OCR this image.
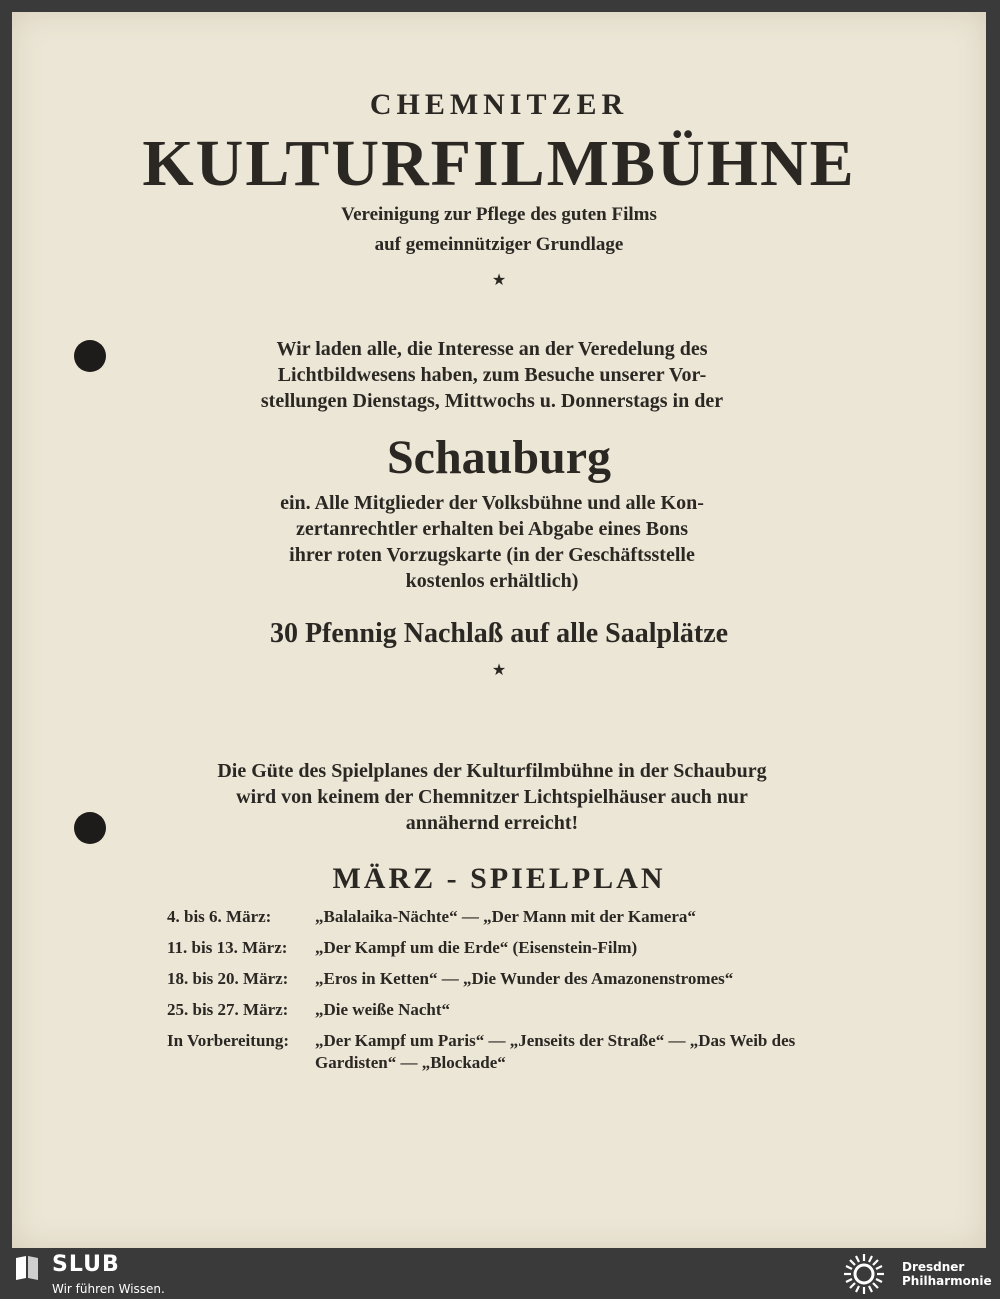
CHEMNITZER
KULTURFILMBÜHNE
Vereinigung zur Pflege des guten Films
auf gemeinnütziger Grundlage
★
Wir laden alle, die Interesse an der Veredelung des
Lichtbildwesens haben, zum Besuche unserer Vor-
stellungen Dienstags, Mittwochs u. Donnerstags in der
Schauburg
ein. Alle Mitglieder der Volksbühne und alle Kon-
zertanrechtler erhalten bei Abgabe eines Bons
ihrer roten Vorzugskarte (in der Geschäftsstelle
kostenlos erhältlich)
30 Pfennig Nachlaß auf alle Saalplätze
★
Die Güte des Spielplanes der Kulturfilmbühne in der Schauburg
wird von keinem der Chemnitzer Lichtspielhäuser auch nur
annähernd erreicht!
MÄRZ - SPIELPLAN
4. bis 6. März:	„Balalaika-Nächte“ — „Der Mann mit der Kamera“
11. bis 13. März:	„Der Kampf um die Erde“ (Eisenstein-Film)
18. bis 20. März:	„Eros in Ketten“ — „Die Wunder des Amazonenstromes“
25. bis 27. März:	„Die weiße Nacht“
In Vorbereitung:	„Der Kampf um Paris“ — „Jenseits der Straße“ — „Das Weib des Gardisten“ — „Blockade“
SLUB
Wir führen Wissen.
Dresdner
Philharmonie
